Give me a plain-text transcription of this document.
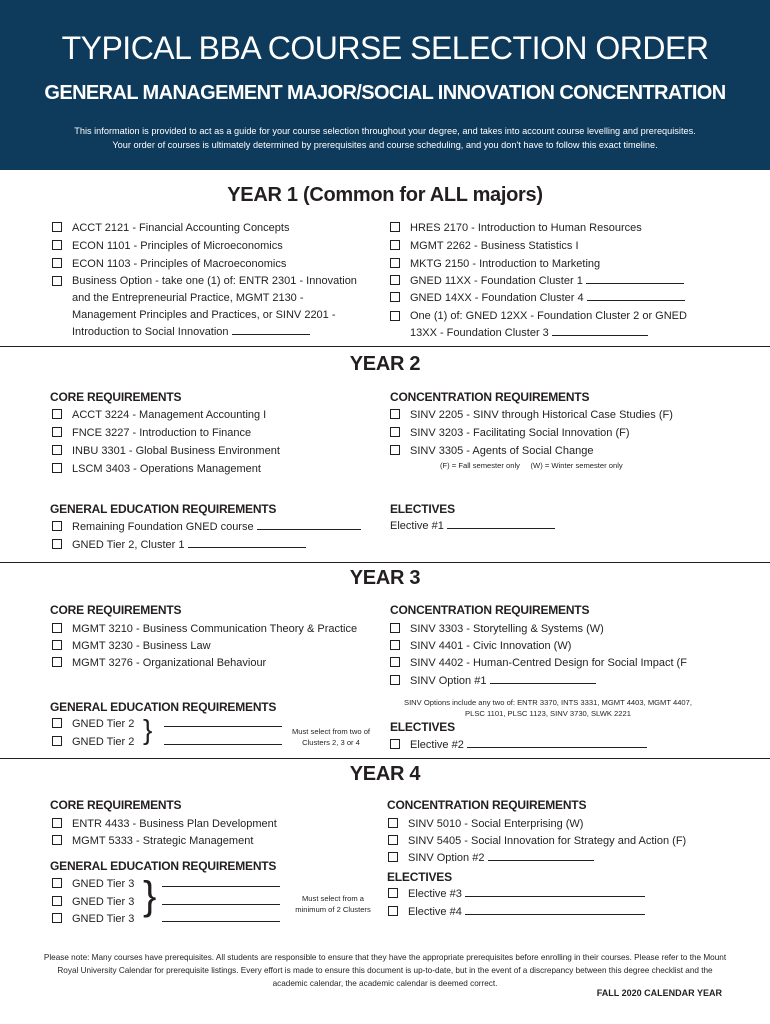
TYPICAL BBA COURSE SELECTION ORDER
GENERAL MANAGEMENT MAJOR/SOCIAL INNOVATION CONCENTRATION
This information is provided to act as a guide for your course selection throughout your degree, and takes into account course levelling and prerequisites.
Your order of courses is ultimately determined by prerequisites and course scheduling, and you don't have to follow this exact timeline.
YEAR 1 (Common for ALL majors)
ACCT 2121 - Financial Accounting Concepts
ECON 1101 - Principles of Microeconomics
ECON 1103 - Principles of Macroeconomics
Business Option - take one (1) of: ENTR 2301 - Innovation and the Entrepreneurial Practice, MGMT 2130 - Management Principles and Practices, or SINV 2201 - Introduction to Social Innovation
HRES 2170 - Introduction to Human Resources
MGMT 2262 - Business Statistics I
MKTG 2150 - Introduction to Marketing
GNED 11XX - Foundation Cluster 1
GNED 14XX - Foundation Cluster 4
One (1) of: GNED 12XX - Foundation Cluster 2 or GNED 13XX - Foundation Cluster 3
YEAR 2
CORE REQUIREMENTS
ACCT 3224 - Management Accounting I
FNCE 3227 - Introduction to Finance
INBU 3301 - Global Business Environment
LSCM 3403 - Operations Management
CONCENTRATION REQUIREMENTS
SINV 2205 - SINV through Historical Case Studies (F)
SINV 3203 - Facilitating Social Innovation (F)
SINV 3305 - Agents of Social Change
(F) = Fall semester only     (W) = Winter semester only
GENERAL EDUCATION REQUIREMENTS
Remaining Foundation GNED course
GNED Tier 2, Cluster 1
ELECTIVES
Elective #1
YEAR 3
CORE REQUIREMENTS
MGMT 3210 - Business Communication Theory & Practice
MGMT 3230 - Business Law
MGMT 3276 - Organizational Behaviour
CONCENTRATION REQUIREMENTS
SINV 3303 - Storytelling & Systems (W)
SINV 4401 - Civic Innovation (W)
SINV 4402 - Human-Centred Design for Social Impact (F
SINV Option #1
SINV Options include any two of: ENTR 3370, INTS 3331, MGMT 4403, MGMT 4407,
PLSC 1101, PLSC 1123, SINV 3730, SLWK 2221
GENERAL EDUCATION REQUIREMENTS
GNED Tier 2
GNED Tier 2 }	Must select from two of
Clusters 2, 3 or 4
ELECTIVES
Elective #2
YEAR 4
CORE REQUIREMENTS
ENTR 4433 - Business Plan Development
MGMT 5333 - Strategic Management
GENERAL EDUCATION REQUIREMENTS
GNED Tier 3
GNED Tier 3
GNED Tier 3
}	Must select from a
minimum of 2 Clusters
CONCENTRATION REQUIREMENTS
SINV 5010 - Social Enterprising (W)
SINV 5405 - Social Innovation for Strategy and Action (F)
SINV Option #2
ELECTIVES
Elective #3
Elective #4
Please note: Many courses have prerequisites. All students are responsible to ensure that they have the appropriate prerequisites before enrolling in their courses. Please refer to the Mount Royal University Calendar for prerequisite listings. Every effort is made to ensure this document is up-to-date, but in the event of a discrepancy between this degree checklist and the academic calendar, the academic calendar is deemed correct.
FALL 2020 CALENDAR YEAR
